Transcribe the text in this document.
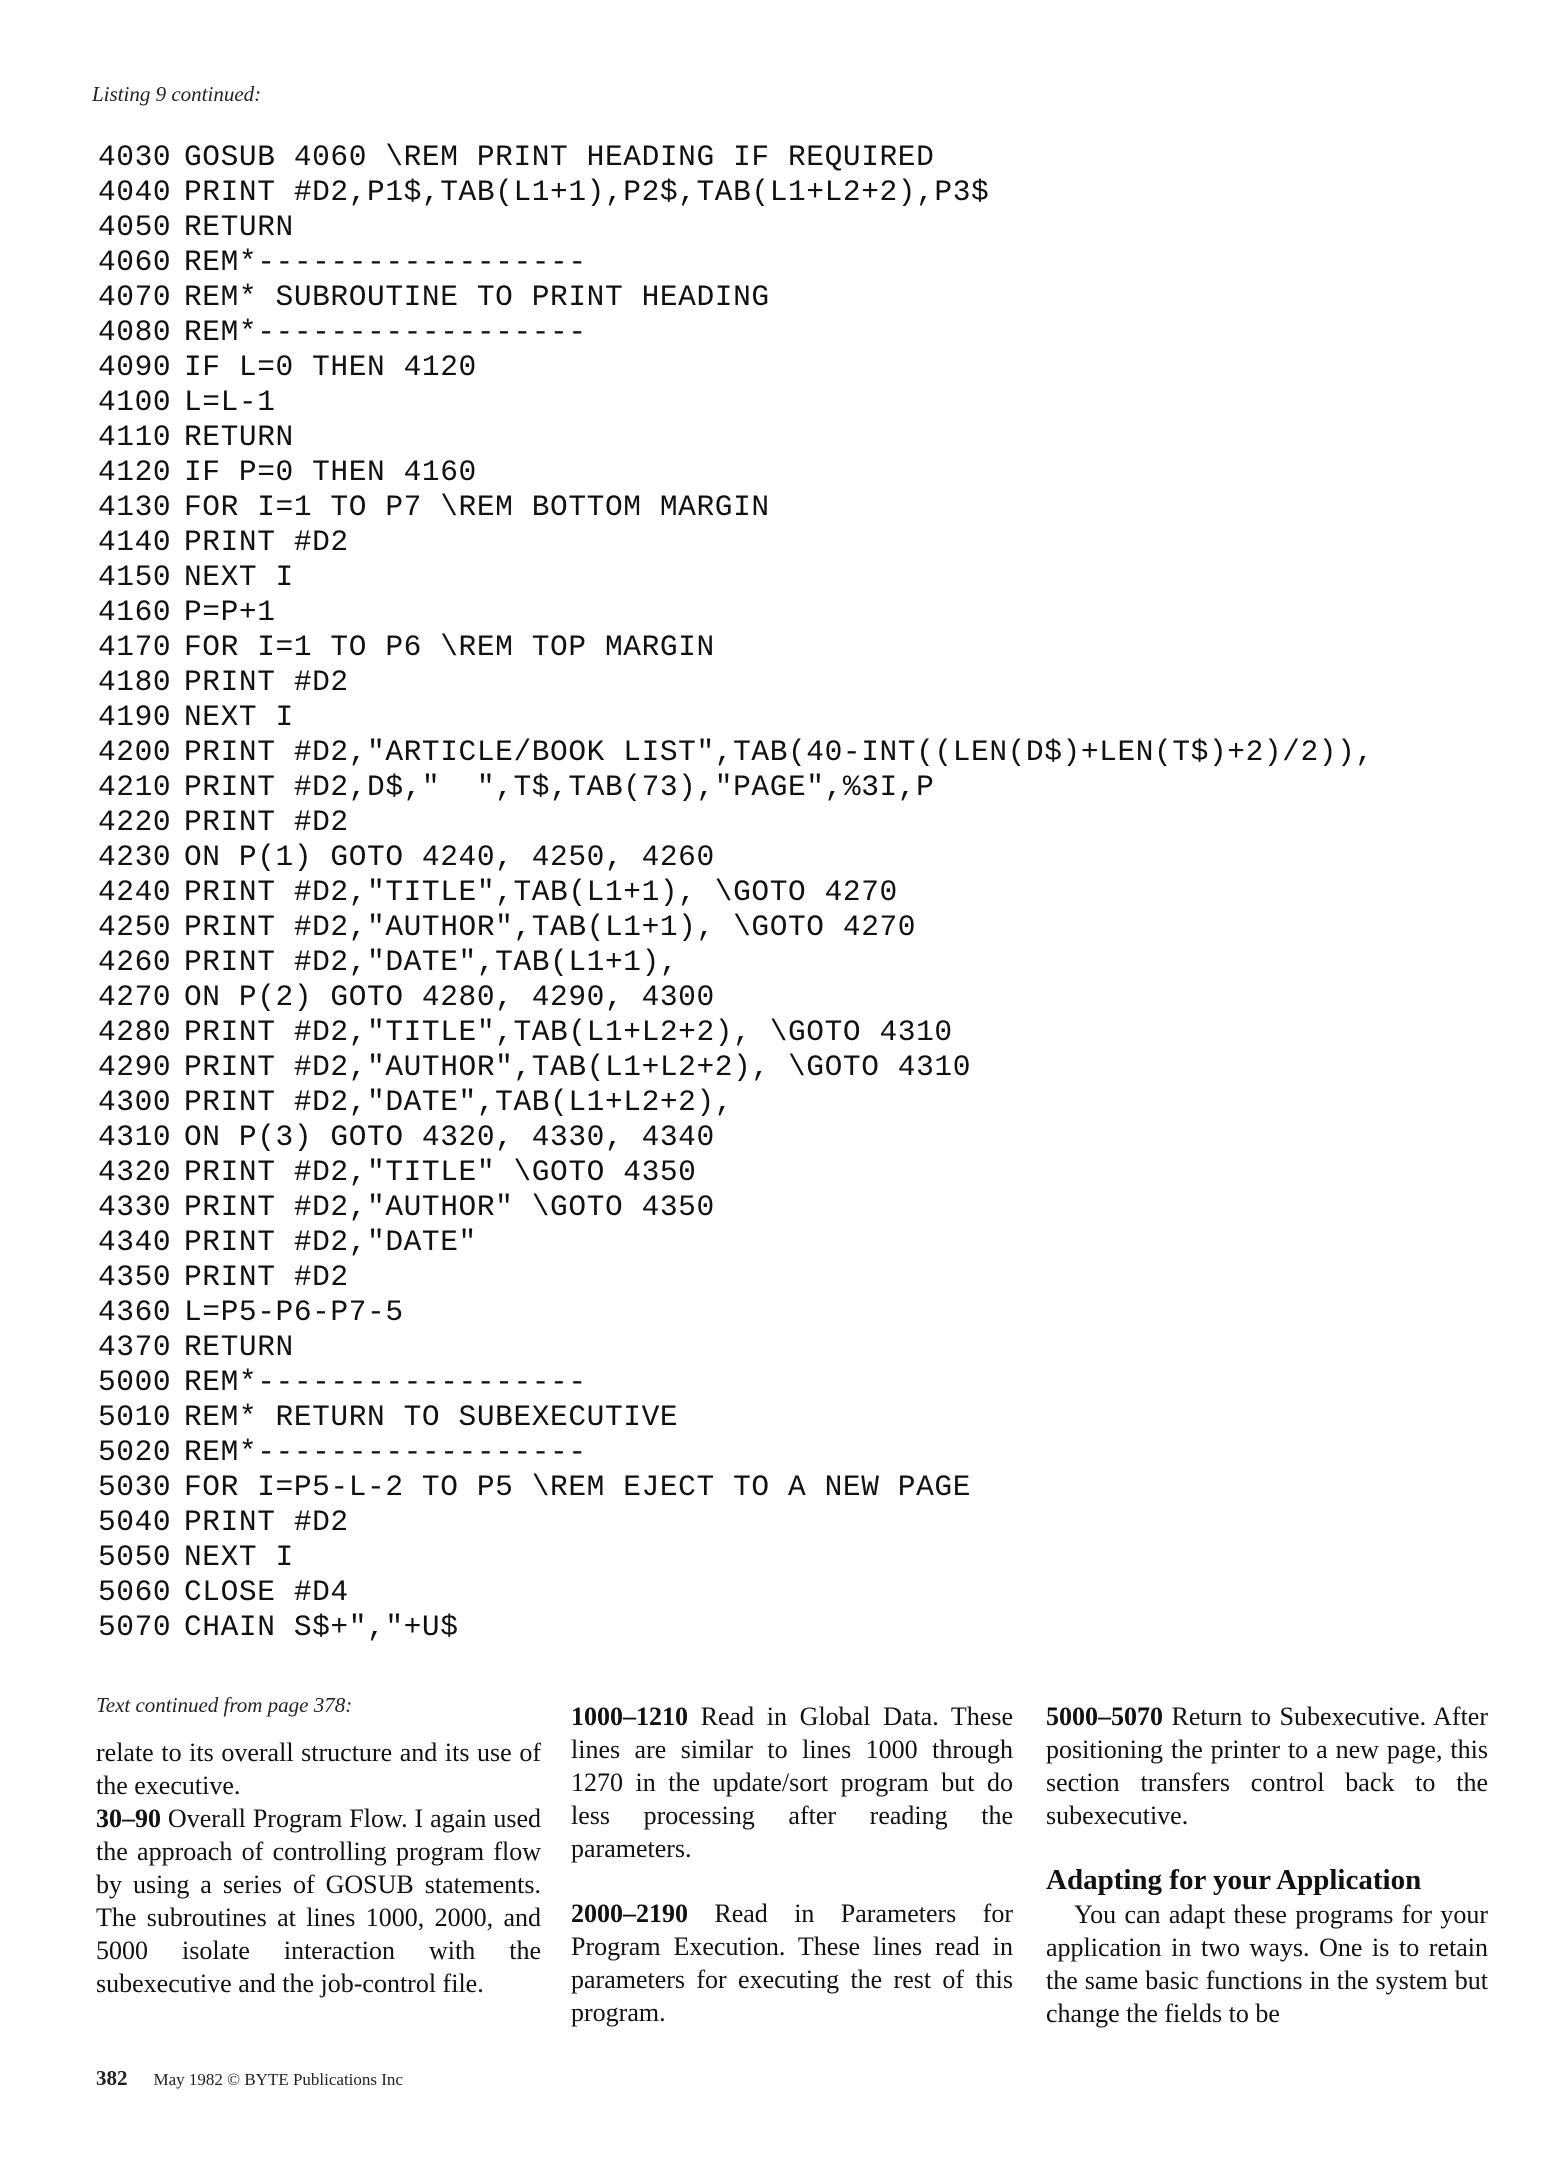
Listing 9 continued:
4030 GOSUB 4060 \REM PRINT HEADING IF REQUIRED
4040 PRINT #D2,P1$,TAB(L1+1),P2$,TAB(L1+L2+2),P3$
4050 RETURN
4060 REM*------------------
4070 REM* SUBROUTINE TO PRINT HEADING
4080 REM*------------------
4090 IF L=0 THEN 4120
4100 L=L-1
4110 RETURN
4120 IF P=0 THEN 4160
4130 FOR I=1 TO P7 \REM BOTTOM MARGIN
4140 PRINT #D2
4150 NEXT I
4160 P=P+1
4170 FOR I=1 TO P6 \REM TOP MARGIN
4180 PRINT #D2
4190 NEXT I
4200 PRINT #D2,"ARTICLE/BOOK LIST",TAB(40-INT((LEN(D$)+LEN(T$)+2)/2)),
4210 PRINT #D2,D$,"  ",T$,TAB(73),"PAGE",%3I,P
4220 PRINT #D2
4230 ON P(1) GOTO 4240, 4250, 4260
4240 PRINT #D2,"TITLE",TAB(L1+1), \GOTO 4270
4250 PRINT #D2,"AUTHOR",TAB(L1+1), \GOTO 4270
4260 PRINT #D2,"DATE",TAB(L1+1),
4270 ON P(2) GOTO 4280, 4290, 4300
4280 PRINT #D2,"TITLE",TAB(L1+L2+2), \GOTO 4310
4290 PRINT #D2,"AUTHOR",TAB(L1+L2+2), \GOTO 4310
4300 PRINT #D2,"DATE",TAB(L1+L2+2),
4310 ON P(3) GOTO 4320, 4330, 4340
4320 PRINT #D2,"TITLE" \GOTO 4350
4330 PRINT #D2,"AUTHOR" \GOTO 4350
4340 PRINT #D2,"DATE"
4350 PRINT #D2
4360 L=P5-P6-P7-5
4370 RETURN
5000 REM*------------------
5010 REM* RETURN TO SUBEXECUTIVE
5020 REM*------------------
5030 FOR I=P5-L-2 TO P5 \REM EJECT TO A NEW PAGE
5040 PRINT #D2
5050 NEXT I
5060 CLOSE #D4
5070 CHAIN S$+","+U$

Text continued from page 378:

relate to its overall structure and its use of the executive.

30–90 Overall Program Flow. I again used the approach of controlling program flow by using a series of GOSUB statements. The subroutines at lines 1000, 2000, and 5000 isolate interaction with the subexecutive and the job-control file.

1000–1210 Read in Global Data. These lines are similar to lines 1000 through 1270 in the update/sort program but do less processing after reading the parameters.

2000–2190 Read in Parameters for Program Execution. These lines read in parameters for executing the rest of this program.

5000–5070 Return to Subexecutive. After positioning the printer to a new page, this section transfers control back to the subexecutive.

Adapting for your Application

You can adapt these programs for your application in two ways. One is to retain the same basic functions in the system but change the fields to be

382 May 1982 © BYTE Publications Inc
